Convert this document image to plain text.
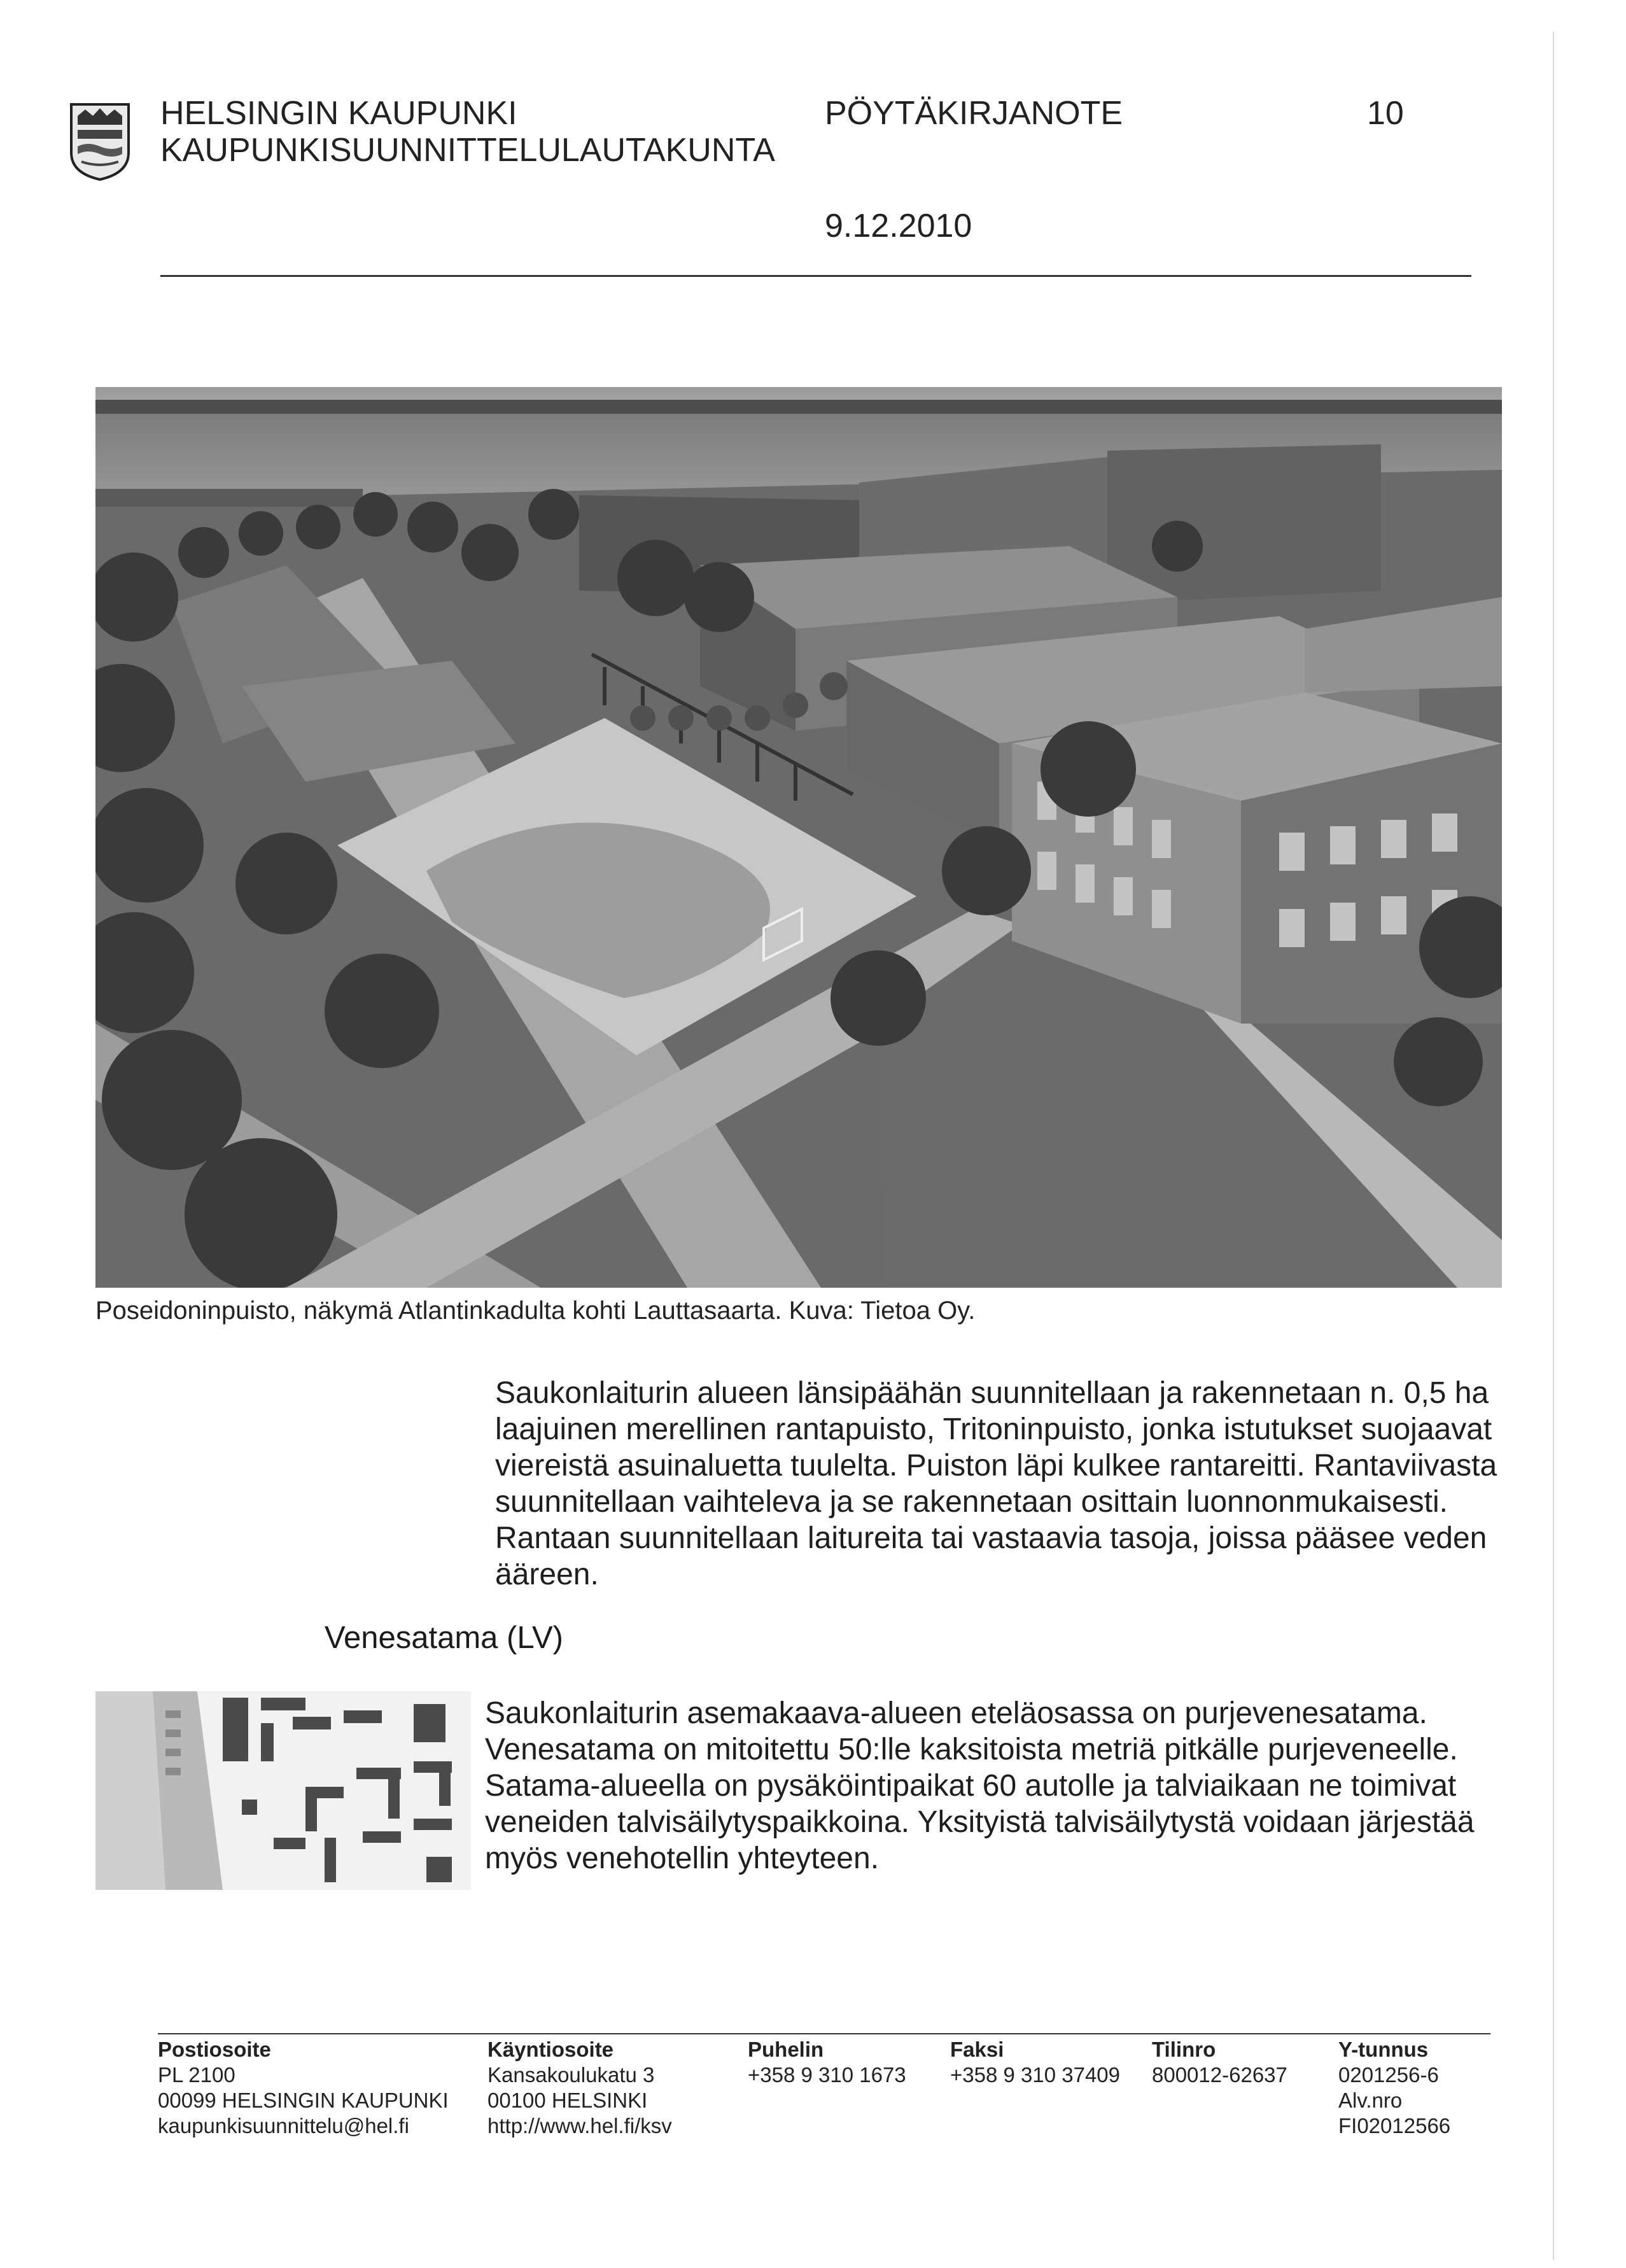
HELSINGIN KAUPUNKI
KAUPUNKISUUNNITTELULAUTAKUNTA
PÖYTÄKIRJANOTE	10
9.12.2010
Poseidoninpuisto, näkymä Atlantinkadulta kohti Lauttasaarta. Kuva: Tietoa Oy.
Saukonlaiturin alueen länsipäähän suunnitellaan ja rakennetaan n. 0,5 ha laajuinen merellinen rantapuisto, Tritoninpuisto, jonka istutukset suojaavat viereistä asuinaluetta tuulelta. Puiston läpi kulkee rantareitti. Rantaviivasta suunnitellaan vaihteleva ja se rakennetaan osittain luonnonmukaisesti. Rantaan suunnitellaan laitureita tai vastaavia tasoja, joissa pääsee veden ääreen.
Venesatama (LV)
Saukonlaiturin asemakaava-alueen eteläosassa on purjevenesatama. Venesatama on mitoitettu 50:lle kaksitoista metriä pitkälle purjeveneelle. Satama-alueella on pysäköintipaikat 60 autolle ja talviaikaan ne toimivat veneiden talvisäilytyspaikkoina. Yksityistä talvisäilytystä voidaan järjestää myös venehotellin yhteyteen.
Postiosoite
PL 2100
00099 HELSINGIN KAUPUNKI
kaupunkisuunnittelu@hel.fi
Käyntiosoite
Kansakoulukatu 3
00100 HELSINKI
http://www.hel.fi/ksv
Puhelin
+358 9 310 1673
Faksi
+358 9 310 37409
Tilinro
800012-62637
Y-tunnus
0201256-6
Alv.nro
FI02012566
